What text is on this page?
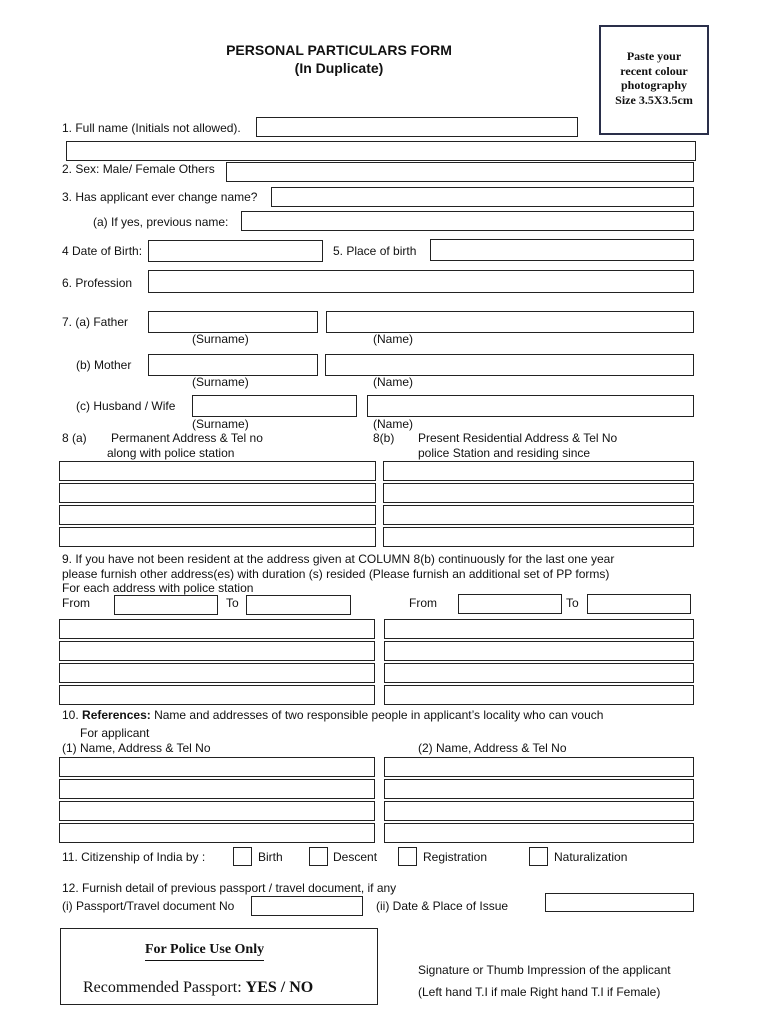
PERSONAL PARTICULARS FORM
(In Duplicate)
Paste your
recent colour
photography
Size 3.5X3.5cm
1. Full name (Initials not allowed).
2. Sex: Male/ Female Others
3. Has applicant ever change name?
(a) If yes, previous name:
4 Date of Birth:	5. Place of birth
6. Profession
7. (a) Father
(Surname)	(Name)
(b) Mother
(Surname)	(Name)
(c) Husband / Wife
(Surname)	(Name)
8 (a) Permanent Address & Tel no
along with police station
8(b) Present Residential Address & Tel No
police Station and residing since
9. If you have not been resident at the address given at COLUMN 8(b) continuously for the last one year
please furnish other address(es) with duration (s) resided (Please furnish an additional set of PP forms)
For each address with police station
From	To	From	To
10. References: Name and addresses of two responsible people in applicant’s locality who can vouch
For applicant
(1) Name, Address & Tel No	(2) Name, Address & Tel No
11. Citizenship of India by :	Birth	Descent	Registration	Naturalization
12. Furnish detail of previous passport / travel document, if any
(i) Passport/Travel document No	(ii) Date & Place of Issue
For Police Use Only
Recommended Passport: YES / NO
Signature or Thumb Impression of the applicant
(Left hand T.I if male Right hand T.I if Female)
